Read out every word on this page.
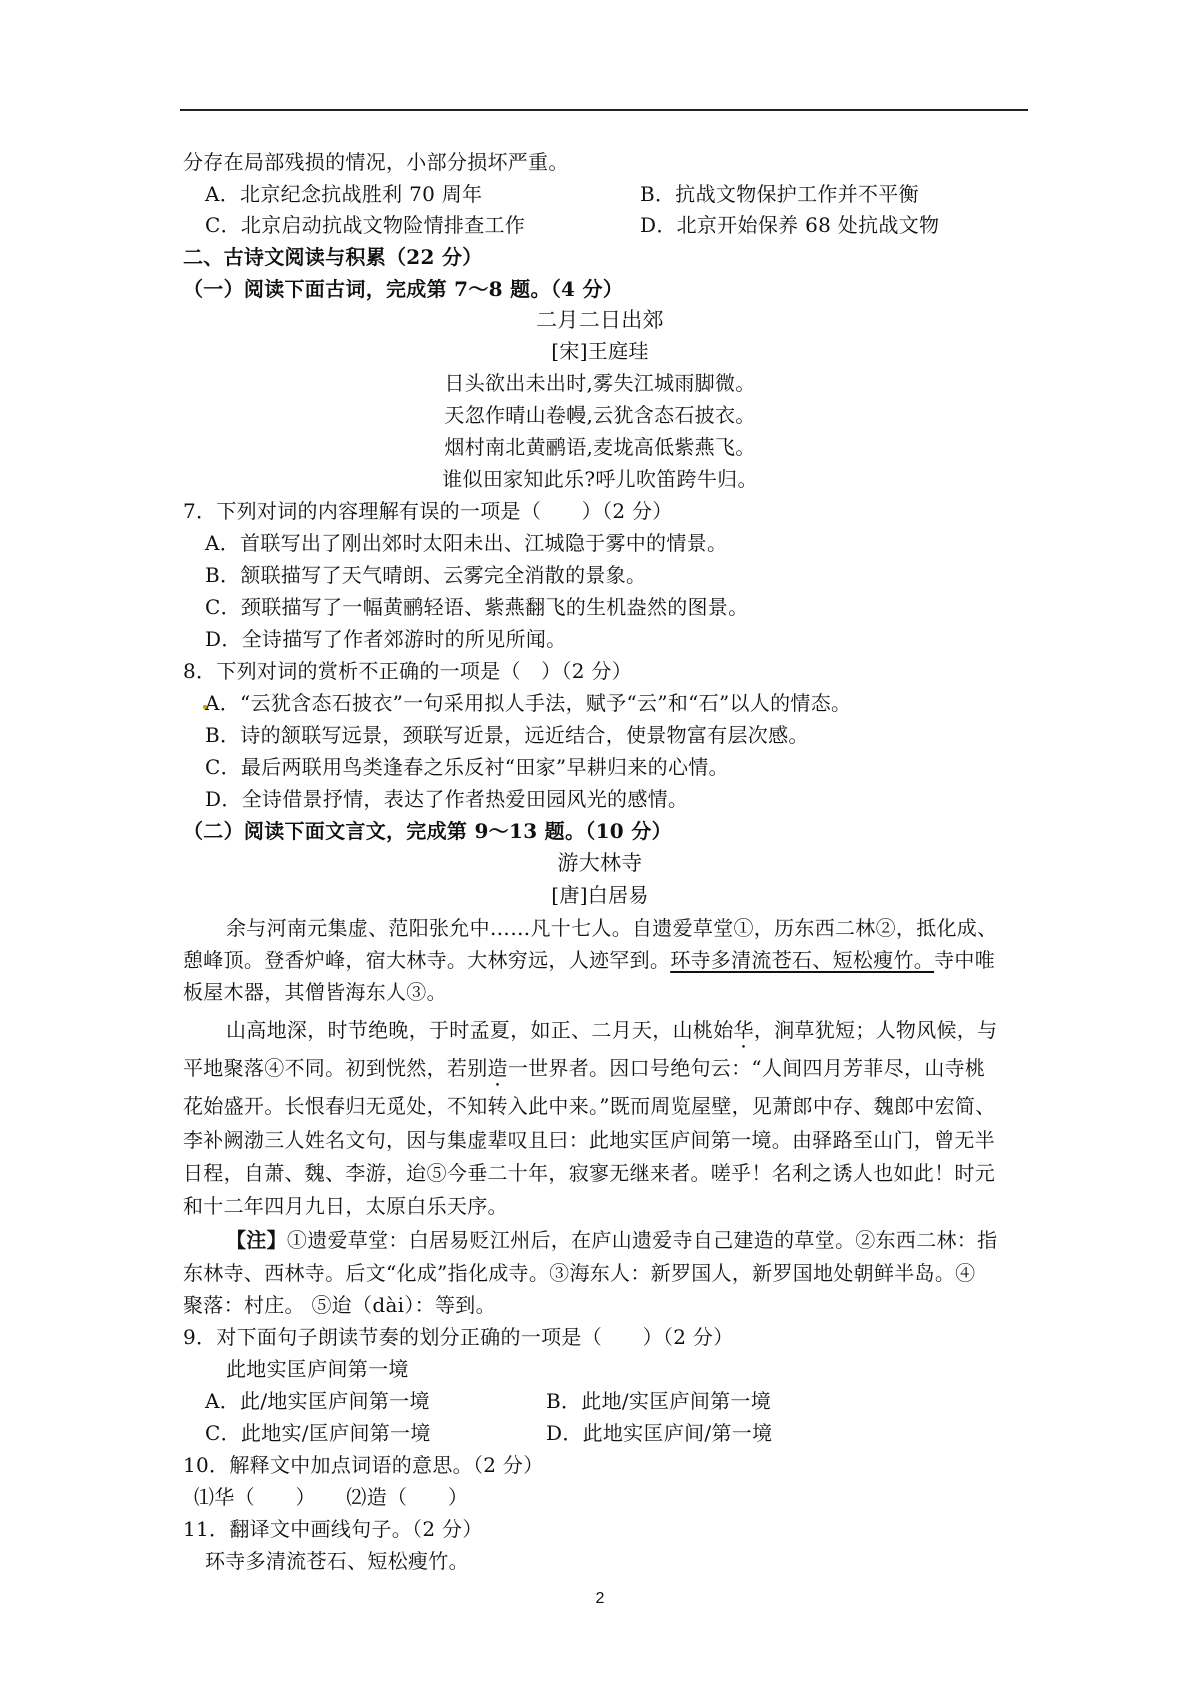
分存在局部残损的情况，小部分损坏严重。
A．北京纪念抗战胜利 70 周年	B．抗战文物保护工作并不平衡
C．北京启动抗战文物险情排查工作	D．北京开始保养 68 处抗战文物
二、古诗文阅读与积累（22 分）
（一）阅读下面古词，完成第 7～8 题。（4 分）
二月二日出郊
[宋]王庭珪
日头欲出未出时,雾失江城雨脚微。
天忽作晴山卷幔,云犹含态石披衣。
烟村南北黄鹂语,麦垅高低紫燕飞。
谁似田家知此乐?呼儿吹笛跨牛归。
7．下列对词的内容理解有误的一项是（　　）（2 分）
A．首联写出了刚出郊时太阳未出、江城隐于雾中的情景。
B．颔联描写了天气晴朗、云雾完全消散的景象。
C．颈联描写了一幅黄鹂轻语、紫燕翻飞的生机盎然的图景。
D．全诗描写了作者郊游时的所见所闻。
8．下列对词的赏析不正确的一项是（　）（2 分）
A．“云犹含态石披衣”一句采用拟人手法，赋予“云”和“石”以人的情态。
B．诗的颔联写远景，颈联写近景，远近结合，使景物富有层次感。
C．最后两联用鸟类逢春之乐反衬“田家”早耕归来的心情。
D．全诗借景抒情，表达了作者热爱田园风光的感情。
（二）阅读下面文言文，完成第 9～13 题。（10 分）
游大林寺
[唐]白居易
余与河南元集虚、范阳张允中……凡十七人。自遗爱草堂①，历东西二林②，抵化成、
憩峰顶。登香炉峰，宿大林寺。大林穷远，人迹罕到。环寺多清流苍石、短松瘦竹。寺中唯
板屋木器，其僧皆海东人③。
山高地深，时节绝晚，于时孟夏，如正、二月天，山桃始华，涧草犹短；人物风候，与
平地聚落④不同。初到恍然，若别造一世界者。因口号绝句云：“人间四月芳菲尽，山寺桃
花始盛开。长恨春归无觅处，不知转入此中来。”既而周览屋壁，见萧郎中存、魏郎中宏简、
李补阙渤三人姓名文句，因与集虚辈叹且曰：此地实匡庐间第一境。由驿路至山门，曾无半
日程，自萧、魏、李游，迨⑤今垂二十年，寂寥无继来者。嗟乎！名利之诱人也如此！时元
和十二年四月九日，太原白乐天序。
【注】①遗爱草堂：白居易贬江州后，在庐山遗爱寺自己建造的草堂。②东西二林：指
东林寺、西林寺。后文“化成”指化成寺。③海东人：新罗国人，新罗国地处朝鲜半岛。④
聚落：村庄。 ⑤迨（dài）：等到。
9．对下面句子朗读节奏的划分正确的一项是（　　）（2 分）
此地实匡庐间第一境
A．此/地实匡庐间第一境	B．此地/实匡庐间第一境
C．此地实/匡庐间第一境	D．此地实匡庐间/第一境
10．解释文中加点词语的意思。（2 分）
⑴华（　　）　　⑵造（　　）
11．翻译文中画线句子。（2 分）
环寺多清流苍石、短松瘦竹。
2
